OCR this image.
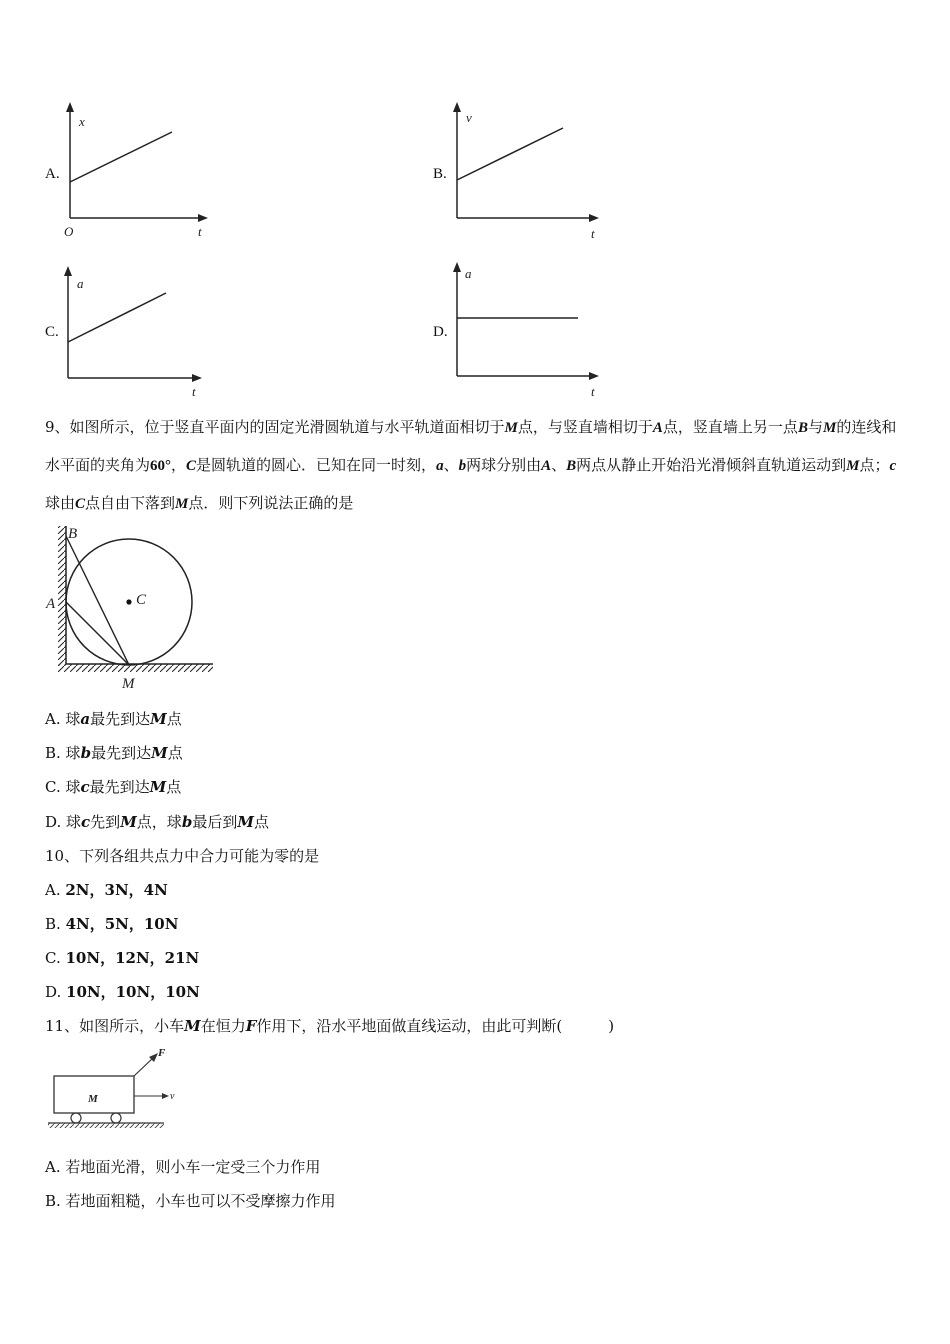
A.
x
t
O
B.
v
t
C.
a
t
D.
a
t
9、如图所示，位于竖直平面内的固定光滑圆轨道与水平轨道面相切于M点，与竖直墙相切于A点，竖直墙上另一点B与M的连线和水平面的夹角为60°，C是圆轨道的圆心．已知在同一时刻，a、b两球分别由A、B两点从静止开始沿光滑倾斜直轨道运动到M点；c球由C点自由下落到M点．则下列说法正确的是
B
A	C
M
A. 球a最先到达M点
B. 球b最先到达M点
C. 球c最先到达M点
D. 球c先到M点，球b最后到M点
10、下列各组共点力中合力可能为零的是
A. 2N，3N，4N
B. 4N，5N，10N
C. 10N，12N，21N
D. 10N，10N，10N
11、如图所示，小车M在恒力F作用下，沿水平地面做直线运动，由此可判断(	)
F
M	v
A. 若地面光滑，则小车一定受三个力作用
B. 若地面粗糙，小车也可以不受摩擦力作用
